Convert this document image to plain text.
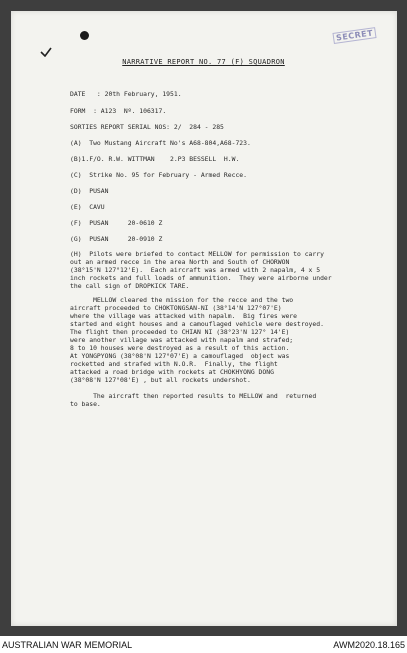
SECRET
NARRATIVE REPORT NO. 77 (F) SQUADRON
DATE   : 20th February, 1951.
FORM  : A123  Nº. 106317.
SORTIES REPORT SERIAL NOS: 2/  284 - 285
(A)  Two Mustang Aircraft No's A68-804,A68-723.
(B)1.F/O. R.W. WITTMAN    2.P3 BESSELL  H.W.
(C)  Strike No. 95 for February - Armed Recce.
(D)  PUSAN
(E)  CAVU
(F)  PUSAN     20-0610 Z
(G)  PUSAN     20-0910 Z
(H)  Pilots were briefed to contact MELLOW for permission to carry
out an armed recce in the area North and South of CHORWON
(38°15'N 127°12'E).  Each aircraft was armed with 2 napalm, 4 x 5
inch rockets and full loads of ammunition.  They were airborne under
the call sign of DROPKICK TARE.
MELLOW cleared the mission for the recce and the two
aircraft proceeded to CHOKTONGSAN-NI (38°14'N 127°07'E)
where the village was attacked with napalm.  Big fires were
started and eight houses and a camouflaged vehicle were destroyed.
The flight then proceeded to CHIAN NI (38°23'N 127° 14'E)
were another village was attacked with napalm and strafed;
8 to 10 houses were destroyed as a result of this action.
At YONGPYONG (38°08'N 127°07'E) a camouflaged  object was
rocketted and strafed with N.O.R.  Finally, the flight
attacked a road bridge with rockets at CHOKHYONG DONG
(38°08'N 127°08'E) , but all rockets undershot.
The aircraft then reported results to MELLOW and  returned
to base.
AUSTRALIAN WAR MEMORIAL	AWM2020.18.165
